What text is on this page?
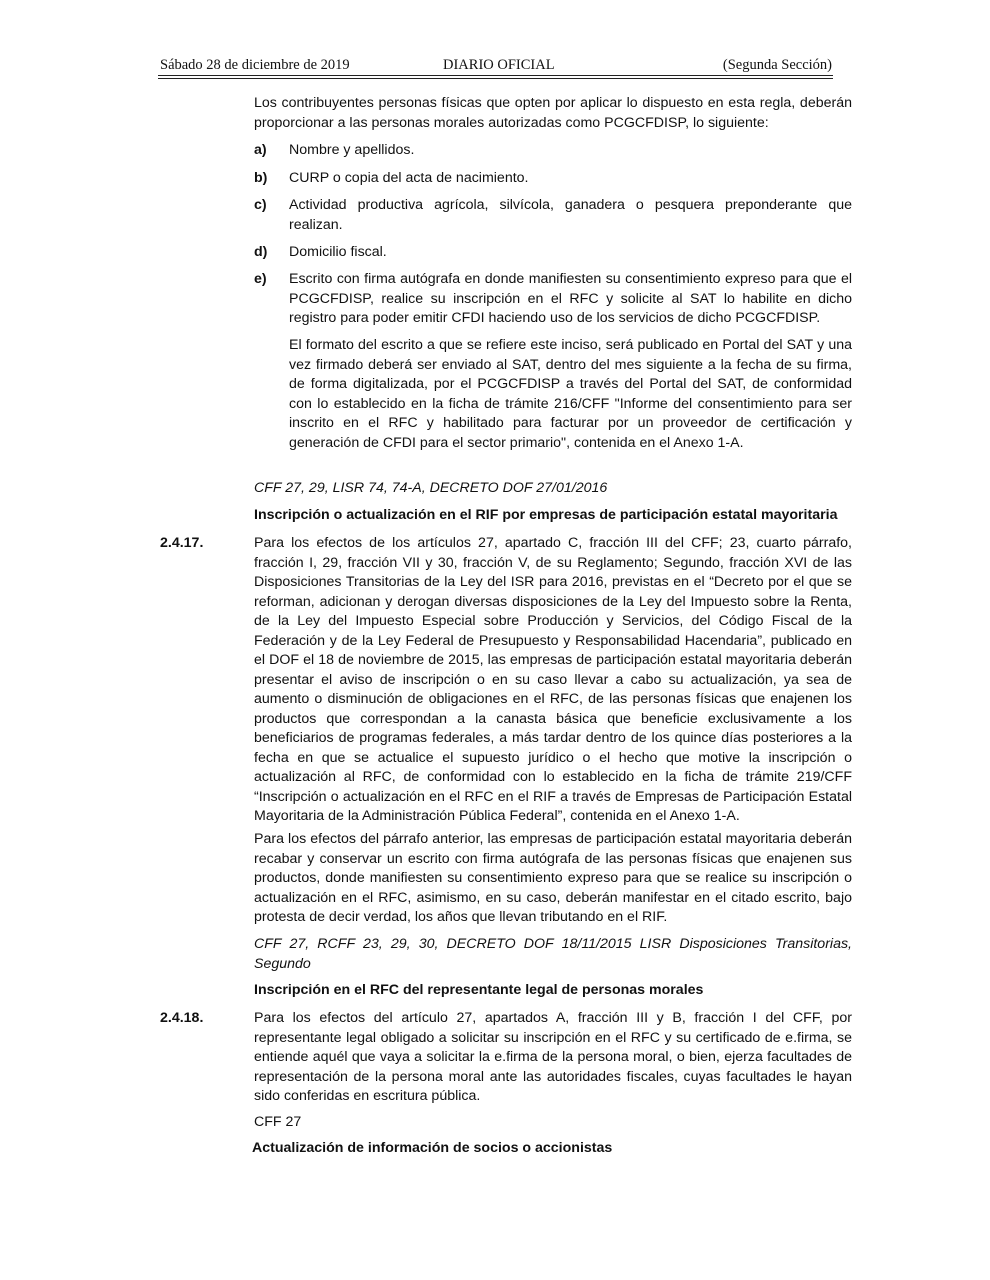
Sábado 28 de diciembre de 2019	DIARIO OFICIAL	(Segunda Sección)

Los contribuyentes personas físicas que opten por aplicar lo dispuesto en esta regla, deberán proporcionar a las personas morales autorizadas como PCGCFDISP, lo siguiente:

a) Nombre y apellidos.
b) CURP o copia del acta de nacimiento.
c) Actividad productiva agrícola, silvícola, ganadera o pesquera preponderante que realizan.
d) Domicilio fiscal.
e) Escrito con firma autógrafa en donde manifiesten su consentimiento expreso para que el PCGCFDISP, realice su inscripción en el RFC y solicite al SAT lo habilite en dicho registro para poder emitir CFDI haciendo uso de los servicios de dicho PCGCFDISP.

El formato del escrito a que se refiere este inciso, será publicado en Portal del SAT y una vez firmado deberá ser enviado al SAT, dentro del mes siguiente a la fecha de su firma, de forma digitalizada, por el PCGCFDISP a través del Portal del SAT, de conformidad con lo establecido en la ficha de trámite 216/CFF "Informe del consentimiento para ser inscrito en el RFC y habilitado para facturar por un proveedor de certificación y generación de CFDI para el sector primario", contenida en el Anexo 1-A.

CFF 27, 29, LISR 74, 74-A, DECRETO DOF 27/01/2016

Inscripción o actualización en el RIF por empresas de participación estatal mayoritaria

2.4.17.	Para los efectos de los artículos 27, apartado C, fracción III del CFF; 23, cuarto párrafo, fracción I, 29, fracción VII y 30, fracción V, de su Reglamento; Segundo, fracción XVI de las Disposiciones Transitorias de la Ley del ISR para 2016, previstas en el “Decreto por el que se reforman, adicionan y derogan diversas disposiciones de la Ley del Impuesto sobre la Renta, de la Ley del Impuesto Especial sobre Producción y Servicios, del Código Fiscal de la Federación y de la Ley Federal de Presupuesto y Responsabilidad Hacendaria”, publicado en el DOF el 18 de noviembre de 2015, las empresas de participación estatal mayoritaria deberán presentar el aviso de inscripción o en su caso llevar a cabo su actualización, ya sea de aumento o disminución de obligaciones en el RFC, de las personas físicas que enajenen los productos que correspondan a la canasta básica que beneficie exclusivamente a los beneficiarios de programas federales, a más tardar dentro de los quince días posteriores a la fecha en que se actualice el supuesto jurídico o el hecho que motive la inscripción o actualización al RFC, de conformidad con lo establecido en la ficha de trámite 219/CFF “Inscripción o actualización en el RFC en el RIF a través de Empresas de Participación Estatal Mayoritaria de la Administración Pública Federal”, contenida en el Anexo 1-A.

Para los efectos del párrafo anterior, las empresas de participación estatal mayoritaria deberán recabar y conservar un escrito con firma autógrafa de las personas físicas que enajenen sus productos, donde manifiesten su consentimiento expreso para que se realice su inscripción o actualización en el RFC, asimismo, en su caso, deberán manifestar en el citado escrito, bajo protesta de decir verdad, los años que llevan tributando en el RIF.

CFF 27, RCFF 23, 29, 30, DECRETO DOF 18/11/2015 LISR Disposiciones Transitorias, Segundo

Inscripción en el RFC del representante legal de personas morales

2.4.18.	Para los efectos del artículo 27, apartados A, fracción III y B, fracción I del CFF, por representante legal obligado a solicitar su inscripción en el RFC y su certificado de e.firma, se entiende aquél que vaya a solicitar la e.firma de la persona moral, o bien, ejerza facultades de representación de la persona moral ante las autoridades fiscales, cuyas facultades le hayan sido conferidas en escritura pública.

CFF 27

Actualización de información de socios o accionistas
